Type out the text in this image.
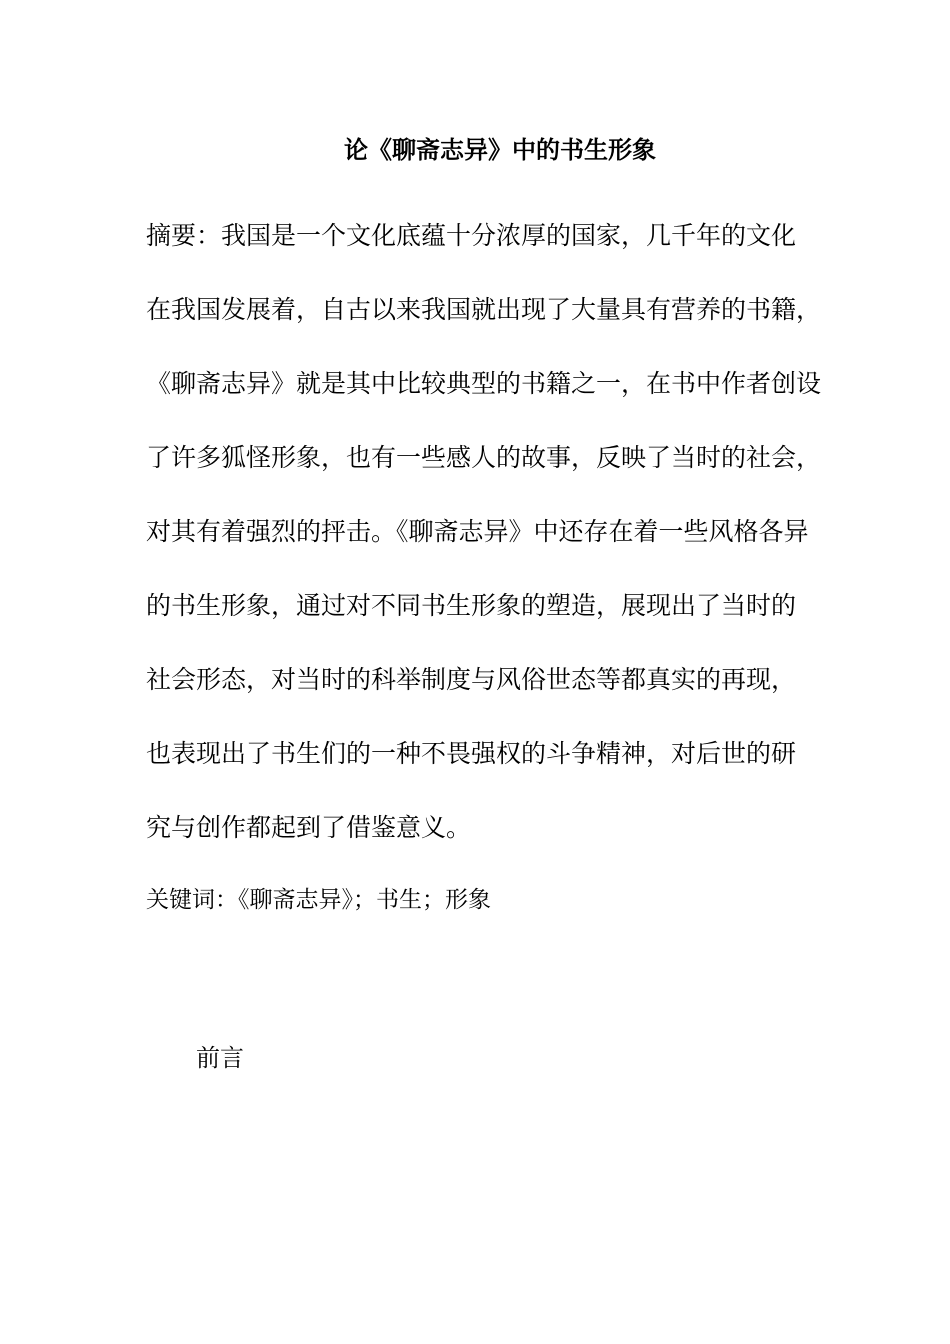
论《聊斋志异》中的书生形象
摘要：我国是一个文化底蕴十分浓厚的国家，几千年的文化
在我国发展着，自古以来我国就出现了大量具有营养的书籍，
《聊斋志异》就是其中比较典型的书籍之一，在书中作者创设
了许多狐怪形象，也有一些感人的故事，反映了当时的社会，
对其有着强烈的抨击。《聊斋志异》中还存在着一些风格各异
的书生形象，通过对不同书生形象的塑造，展现出了当时的
社会形态，对当时的科举制度与风俗世态等都真实的再现，
也表现出了书生们的一种不畏强权的斗争精神，对后世的研
究与创作都起到了借鉴意义。
关键词：《聊斋志异》；书生；形象
前言
